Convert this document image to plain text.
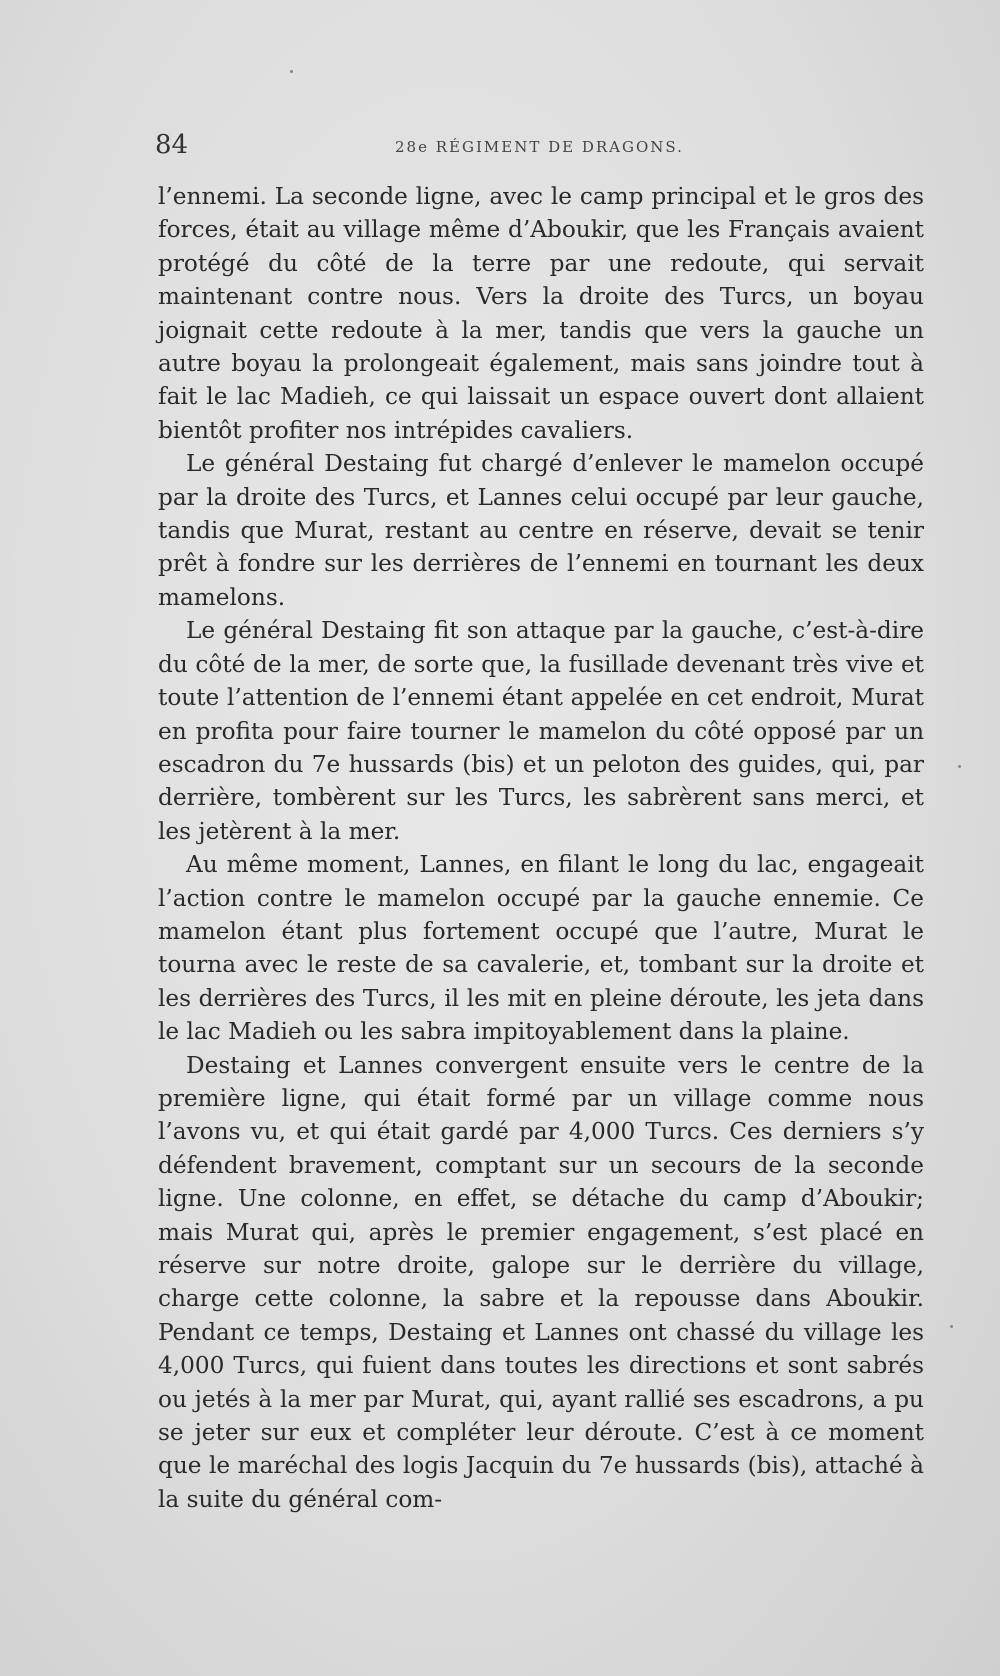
84	28e RÉGIMENT DE DRAGONS.

l’ennemi. La seconde ligne, avec le camp principal et le gros des forces, était au village même d’Aboukir, que les Français avaient protégé du côté de la terre par une redoute, qui servait maintenant contre nous. Vers la droite des Turcs, un boyau joignait cette redoute à la mer, tandis que vers la gauche un autre boyau la prolongeait également, mais sans joindre tout à fait le lac Madieh, ce qui laissait un espace ouvert dont allaient bientôt profiter nos intrépides cavaliers.

Le général Destaing fut chargé d’enlever le mamelon occupé par la droite des Turcs, et Lannes celui occupé par leur gauche, tandis que Murat, restant au centre en réserve, devait se tenir prêt à fondre sur les derrières de l’ennemi en tournant les deux mamelons.

Le général Destaing fit son attaque par la gauche, c’est-à-dire du côté de la mer, de sorte que, la fusillade devenant très vive et toute l’attention de l’ennemi étant appelée en cet endroit, Murat en profita pour faire tourner le mamelon du côté opposé par un escadron du 7e hussards (bis) et un peloton des guides, qui, par derrière, tombèrent sur les Turcs, les sabrèrent sans merci, et les jetèrent à la mer.

Au même moment, Lannes, en filant le long du lac, engageait l’action contre le mamelon occupé par la gauche ennemie. Ce mamelon étant plus fortement occupé que l’autre, Murat le tourna avec le reste de sa cavalerie, et, tombant sur la droite et les derrières des Turcs, il les mit en pleine déroute, les jeta dans le lac Madieh ou les sabra impitoyablement dans la plaine.

Destaing et Lannes convergent ensuite vers le centre de la première ligne, qui était formé par un village comme nous l’avons vu, et qui était gardé par 4,000 Turcs. Ces derniers s’y défendent bravement, comptant sur un secours de la seconde ligne. Une colonne, en effet, se détache du camp d’Aboukir; mais Murat qui, après le premier engagement, s’est placé en réserve sur notre droite, galope sur le derrière du village, charge cette colonne, la sabre et la repousse dans Aboukir. Pendant ce temps, Destaing et Lannes ont chassé du village les 4,000 Turcs, qui fuient dans toutes les directions et sont sabrés ou jetés à la mer par Murat, qui, ayant rallié ses escadrons, a pu se jeter sur eux et compléter leur déroute. C’est à ce moment que le maréchal des logis Jacquin du 7e hussards (bis), attaché à la suite du général com-
